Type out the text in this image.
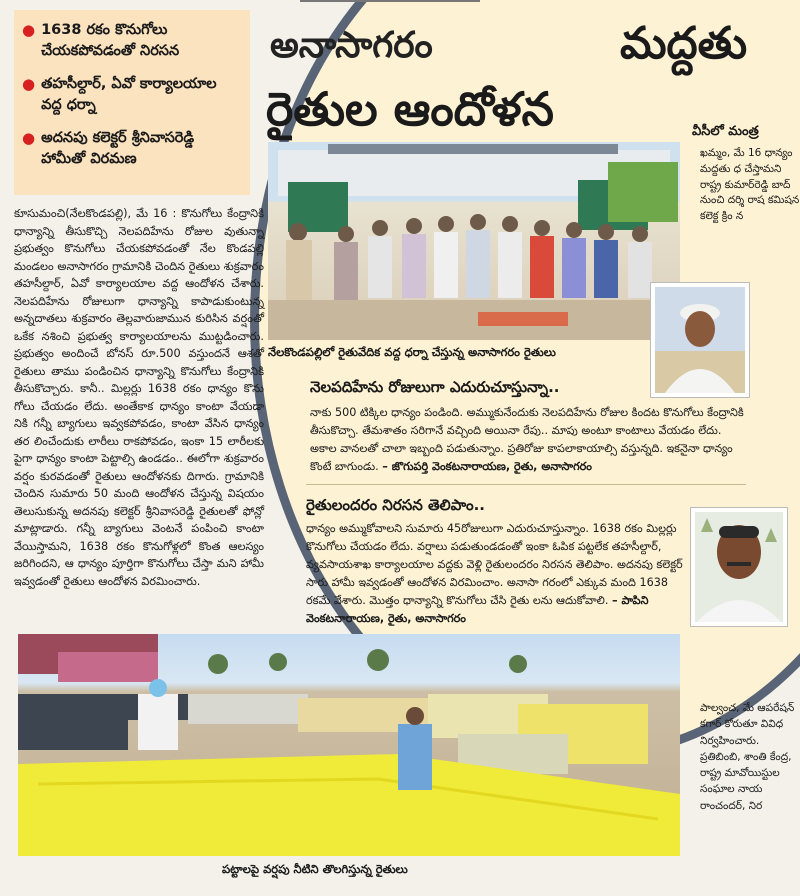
● 1638 రకం కొనుగోలు చేయకపోవడంతో నిరసన
● తహసీల్దార్, ఏవో కార్యాలయాల వద్ద ధర్నా
● అదనపు కలెక్టర్ శ్రీనివాసరెడ్డి హామీతో విరమణ
అనాసాగరం
రైతుల ఆందోళన
మద్దతు
వీసీలో మంత్ర
ఖమ్మం, మే 16 ధాన్యం మద్దతు ధ చేస్తామని రాష్ట్ర కుమార్‌రెడ్డి బాద్ నుంచి దర్శి రాష కమిషన కలెక్ట క్రిం న
పాల్వంచ, మే ఆపరేషన్ కగార్ కోరుతూ వివిధ నిర్వహించారు. ప్రతిబింబి, శాంతి కేంద్ర, రాష్ట్ర మావోయిస్టుల సంఘాల నాయ రాంచందర్, నిర
కూసుమంచి(నేలకొండపల్లి), మే 16 : కొనుగోలు కేంద్రానికి ధాన్యాన్ని తీసుకొచ్చి నెలపదిహేను రోజుల వుతున్నా ప్రభుత్వం కొనుగోలు చేయకపోవడంతో నేల కొండపల్లి మండలం అనాసాగరం గ్రామానికి చెందిన రైతులు శుక్రవారం తహసీల్దార్, ఏవో కార్యాలయాల వద్ద ఆందోళన చేశారు. నెలపదిహేను రోజులుగా ధాన్యాన్ని కాపాడుకుంటున్న అన్నదాతలు శుక్రవారం తెల్లవారుజామున కురిసిన వర్షంతో ఒకేక నశించి ప్రభుత్వ కార్యాలయాలను ముట్టడించారు. ప్రభుత్వం అందించే బోనస్ రూ.500 వస్తుందనే ఆశతో రైతులు తాము పండించిన ధాన్యాన్ని కొనుగోలు కేంద్రానికి తీసుకొచ్చారు. కానీ.. మిల్లర్లు 1638 రకం ధాన్యం కొను గోలు చేయడం లేదు. అంతేకాక ధాన్యం కాంటా వేయడా నికి గన్నీ బ్యాగులు ఇవ్వకపోవడం, కాంటా వేసిన ధాన్యం తర లించేందుకు లారీలు రాకపోవడం, ఇంకా 15 లారీలకు పైగా ధాన్యం కాంటా పెట్టాల్సి ఉండడం.. ఈలోగా శుక్రవారం వర్షం కురవడంతో రైతులు ఆందోళనకు దిగారు. గ్రామానికి చెందిన సుమారు 50 మంది ఆందోళన చేస్తున్న విషయం తెలుసుకున్న అదనపు కలెక్టర్ శ్రీనివాసరెడ్డి రైతులతో ఫోన్లో మాట్లాడారు. గన్నీ బ్యాగులు వెంటనే పంపించి కాంటా వేయిస్తామని, 1638 రకం కొనుగోళ్లలో కొంత ఆలస్యం జరిగిందని, ఆ ధాన్యం పూర్తిగా కొనుగోలు చేస్తా మని హామీ ఇవ్వడంతో రైతులు ఆందోళన విరమించారు.
నేలకొండపల్లిలో రైతువేదిక వద్ద ధర్నా చేస్తున్న అనాసాగరం రైతులు
నెలపదిహేను రోజులుగా ఎదురుచూస్తున్నా..
నాకు 500 టిక్కిల ధాన్యం పండింది. అమ్ముకునేందుకు నెలపదిహేను రోజుల కిందట కొనుగోలు కేంద్రానికి తీసుకొచ్చా. తేమశాతం సరిగానే వచ్చింది అయినా రేపు.. మాపు అంటూ కాంటాలు వేయడం లేదు. అకాల వానలతో చాలా ఇబ్బంది పడుతున్నాం. ప్రతిరోజు కాపలాకాయాల్సి వస్తున్నది. ఇకనైనా ధాన్యం కొంటే బాగుండు. – జొగుపర్తి వెంకటనారాయణ, రైతు, అనాసాగరం
రైతులందరం నిరసన తెలిపాం..
ధాన్యం అమ్ముకోవాలని సుమారు 45రోజులుగా ఎదురుచూస్తున్నాం. 1638 రకం మిల్లర్లు కొనుగోలు చేయడం లేదు. వర్షాలు పడుతుండడంతో ఇంకా ఓపిక పట్టలేక తహసీల్దార్, వ్యవసాయశాఖ కార్యాలయాల వద్దకు వెళ్లి రైతులందరం నిరసన తెలిపాం. అదనపు కలెక్టర్ సారు హామీ ఇవ్వడంతో ఆందోళన విరమించాం. అనాసా గరంలో ఎక్కువ మంది 1638 రకమే వేశారు. మొత్తం ధాన్యాన్ని కొనుగోలు చేసి రైతు లను ఆదుకోవాలి. – పాపిని వెంకటనారాయణ, రైతు, అనాసాగరం
పట్టాలపై వర్షపు నీటిని తొలగిస్తున్న రైతులు
